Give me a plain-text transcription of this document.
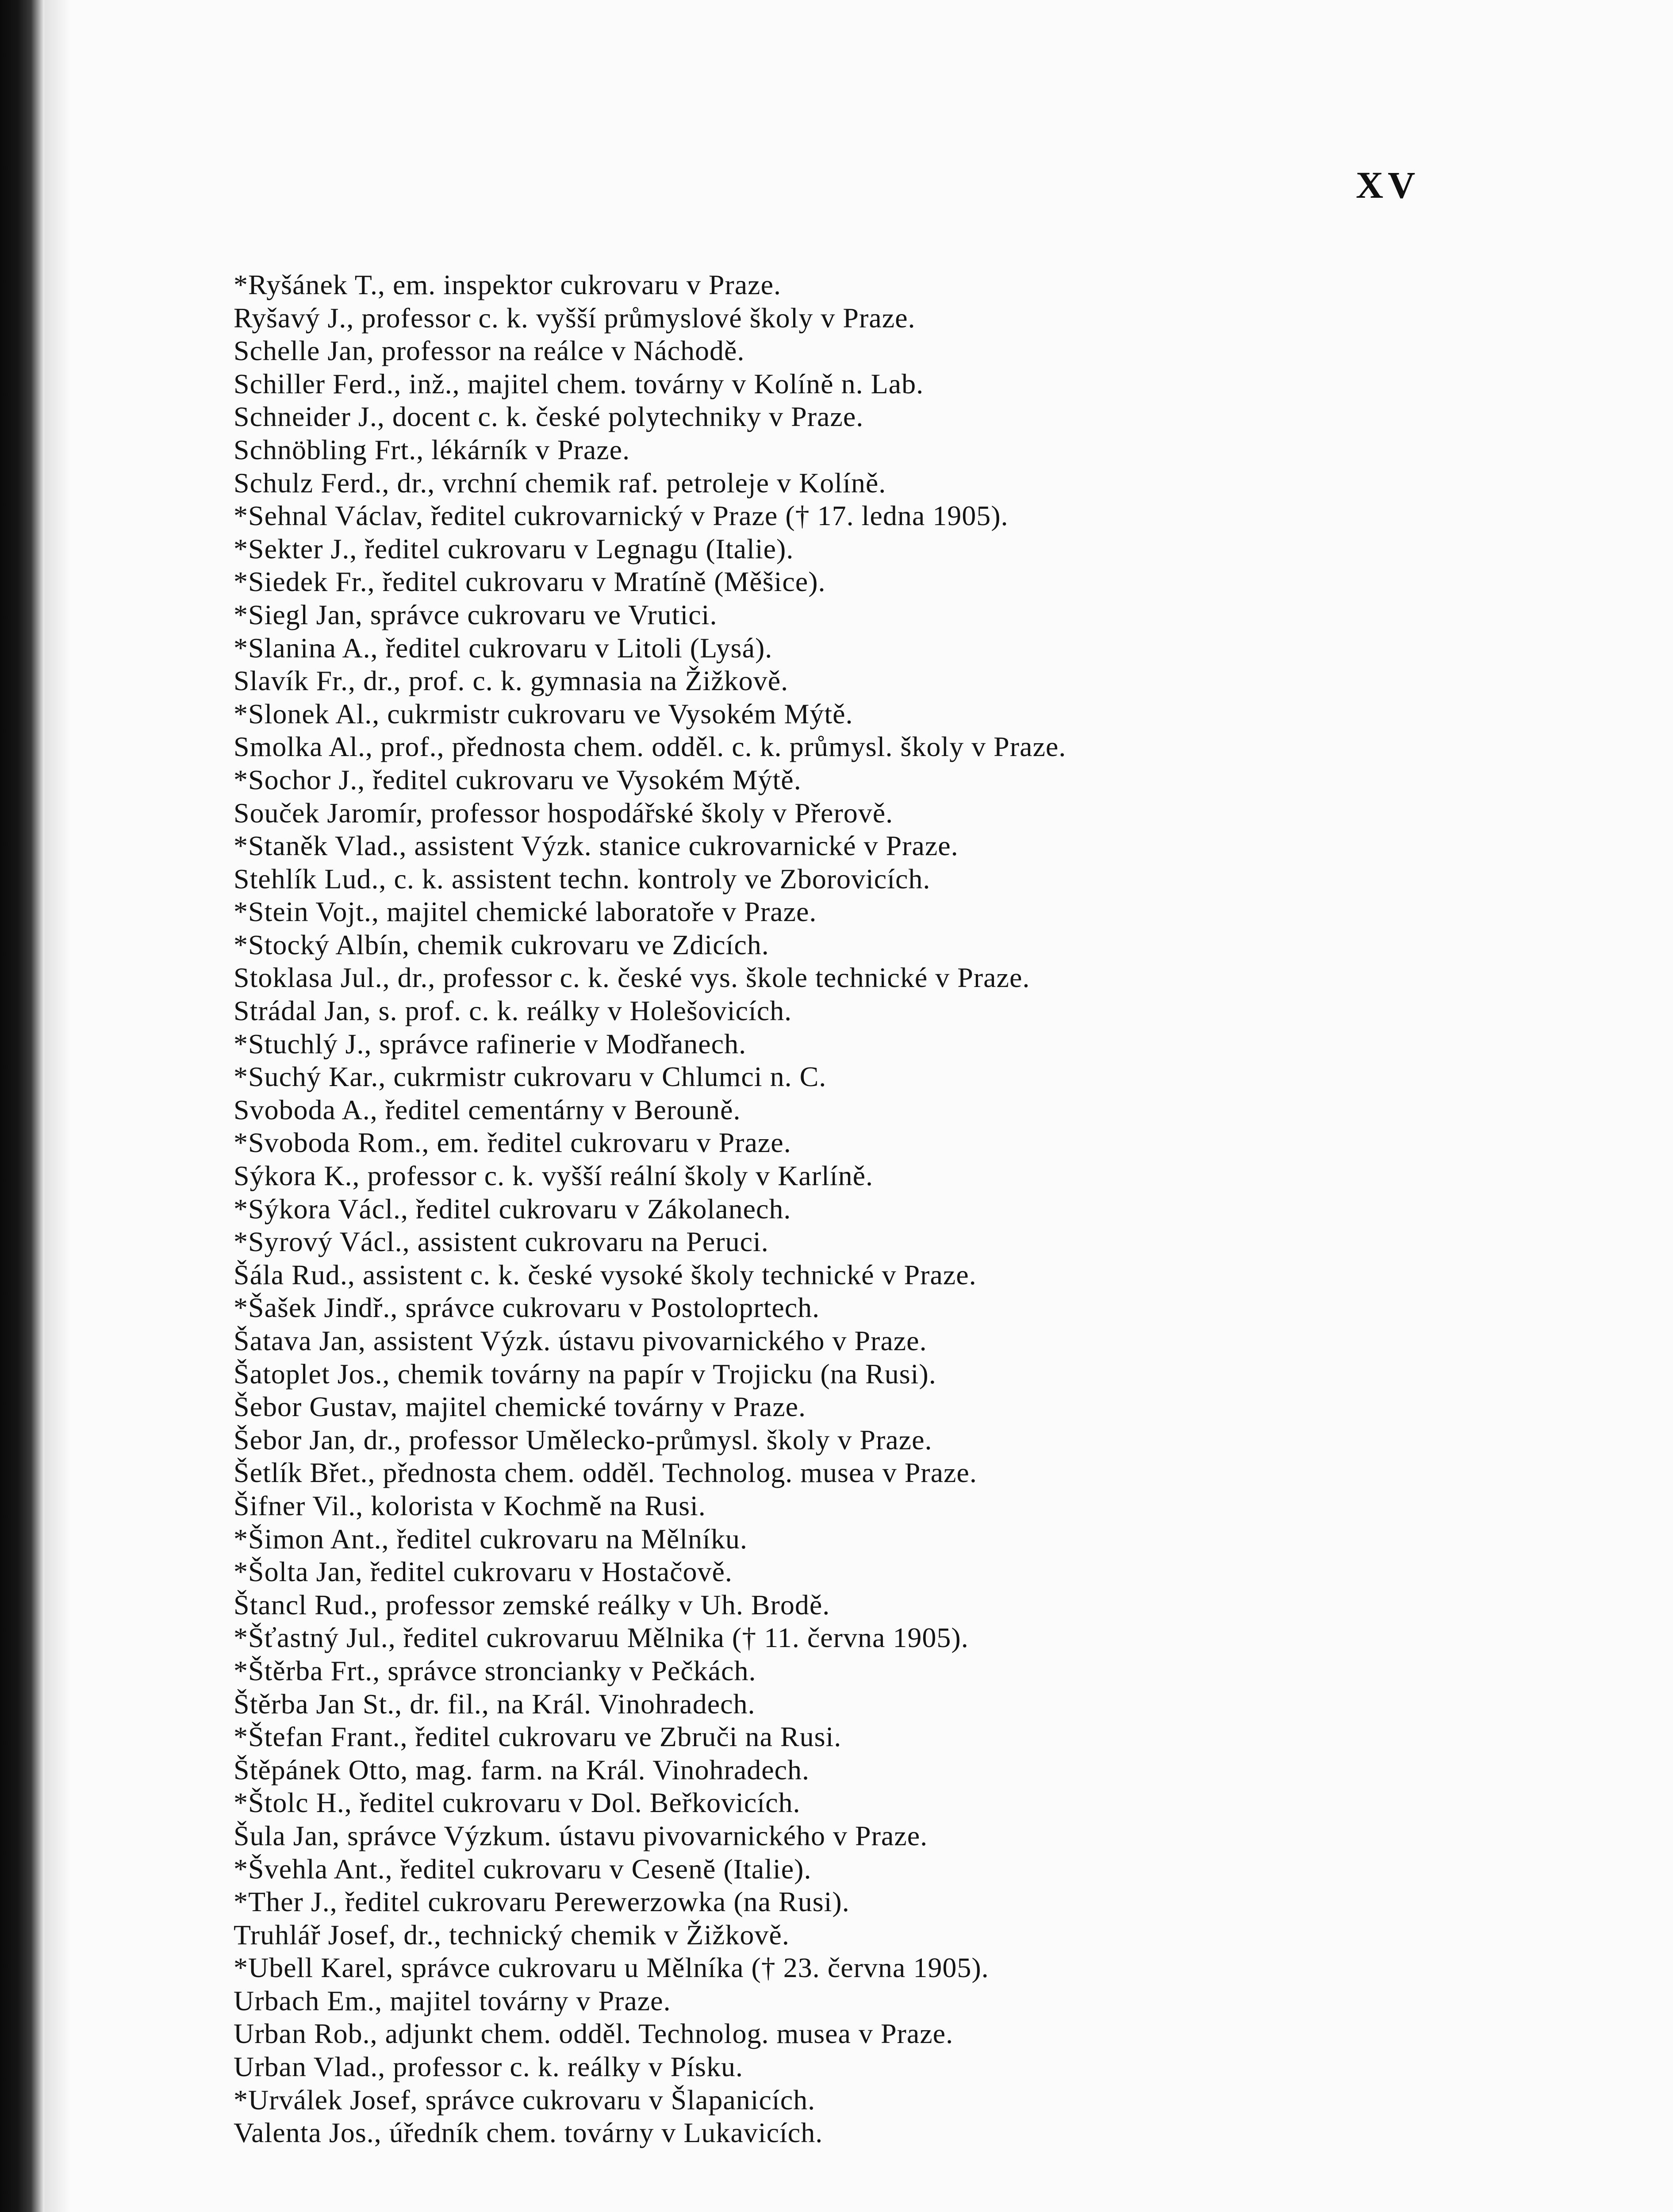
XV
*Ryšánek T., em. inspektor cukrovaru v Praze.
Ryšavý J., professor c. k. vyšší průmyslové školy v Praze.
Schelle Jan, professor na reálce v Náchodě.
Schiller Ferd., inž., majitel chem. továrny v Kolíně n. Lab.
Schneider J., docent c. k. české polytechniky v Praze.
Schnöbling Frt., lékárník v Praze.
Schulz Ferd., dr., vrchní chemik raf. petroleje v Kolíně.
*Sehnal Václav, ředitel cukrovarnický v Praze († 17. ledna 1905).
*Sekter J., ředitel cukrovaru v Legnagu (Italie).
*Siedek Fr., ředitel cukrovaru v Mratíně (Měšice).
*Siegl Jan, správce cukrovaru ve Vrutici.
*Slanina A., ředitel cukrovaru v Litoli (Lysá).
Slavík Fr., dr., prof. c. k. gymnasia na Žižkově.
*Slonek Al., cukrmistr cukrovaru ve Vysokém Mýtě.
Smolka Al., prof., přednosta chem. odděl. c. k. průmysl. školy v Praze.
*Sochor J., ředitel cukrovaru ve Vysokém Mýtě.
Souček Jaromír, professor hospodářské školy v Přerově.
*Staněk Vlad., assistent Výzk. stanice cukrovarnické v Praze.
Stehlík Lud., c. k. assistent techn. kontroly ve Zborovicích.
*Stein Vojt., majitel chemické laboratoře v Praze.
*Stocký Albín, chemik cukrovaru ve Zdicích.
Stoklasa Jul., dr., professor c. k. české vys. škole technické v Praze.
Strádal Jan, s. prof. c. k. reálky v Holešovicích.
*Stuchlý J., správce rafinerie v Modřanech.
*Suchý Kar., cukrmistr cukrovaru v Chlumci n. C.
Svoboda A., ředitel cementárny v Berouně.
*Svoboda Rom., em. ředitel cukrovaru v Praze.
Sýkora K., professor c. k. vyšší reální školy v Karlíně.
*Sýkora Václ., ředitel cukrovaru v Zákolanech.
*Syrový Václ., assistent cukrovaru na Peruci.
Šála Rud., assistent c. k. české vysoké školy technické v Praze.
*Šašek Jindř., správce cukrovaru v Postoloprtech.
Šatava Jan, assistent Výzk. ústavu pivovarnického v Praze.
Šatoplet Jos., chemik továrny na papír v Trojicku (na Rusi).
Šebor Gustav, majitel chemické továrny v Praze.
Šebor Jan, dr., professor Umělecko-průmysl. školy v Praze.
Šetlík Břet., přednosta chem. odděl. Technolog. musea v Praze.
Šifner Vil., kolorista v Kochmě na Rusi.
*Šimon Ant., ředitel cukrovaru na Mělníku.
*Šolta Jan, ředitel cukrovaru v Hostačově.
Štancl Rud., professor zemské reálky v Uh. Brodě.
*Šťastný Jul., ředitel cukrovaruu Mělnika († 11. června 1905).
*Štěrba Frt., správce stroncianky v Pečkách.
Štěrba Jan St., dr. fil., na Král. Vinohradech.
*Štefan Frant., ředitel cukrovaru ve Zbruči na Rusi.
Štěpánek Otto, mag. farm. na Král. Vinohradech.
*Štolc H., ředitel cukrovaru v Dol. Beřkovicích.
Šula Jan, správce Výzkum. ústavu pivovarnického v Praze.
*Švehla Ant., ředitel cukrovaru v Cesenĕ (Italie).
*Ther J., ředitel cukrovaru Perewerzowka (na Rusi).
Truhlář Josef, dr., technický chemik v Žižkově.
*Ubell Karel, správce cukrovaru u Mělníka († 23. června 1905).
Urbach Em., majitel továrny v Praze.
Urban Rob., adjunkt chem. odděl. Technolog. musea v Praze.
Urban Vlad., professor c. k. reálky v Písku.
*Urválek Josef, správce cukrovaru v Šlapanicích.
Valenta Jos., úředník chem. továrny v Lukavicích.
